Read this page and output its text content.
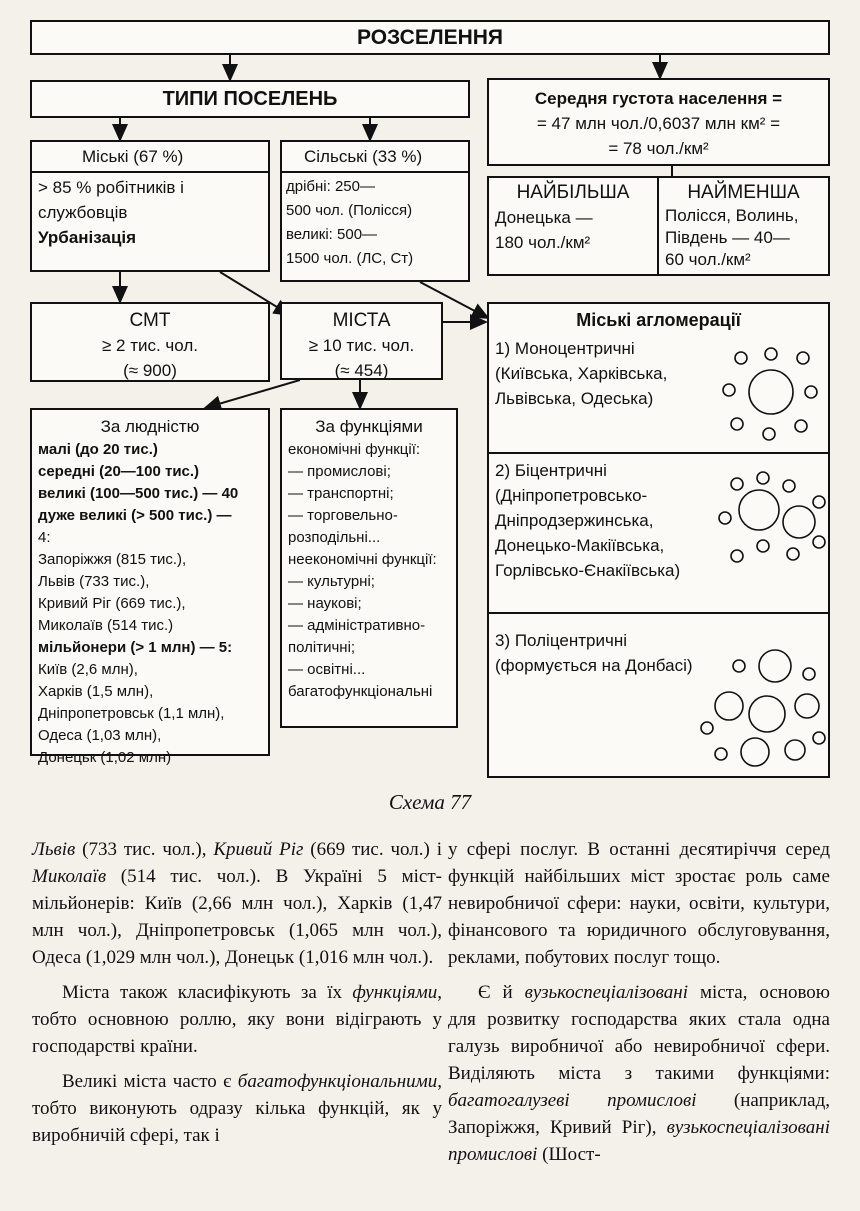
РОЗСЕЛЕННЯ
ТИПИ ПОСЕЛЕНЬ
Міські (67 %)
> 85 % робітників і
службовців
Урбанізація
Сільські (33 %)
дрібні: 250—
500 чол. (Полісся)
великі: 500—
1500 чол. (ЛС, Ст)
Середня густота населення =
= 47 млн чол./0,6037 млн км² =
= 78 чол./км²
НАЙБІЛЬША
Донецька —
180 чол./км²
НАЙМЕНША
Полісся, Волинь,
Південь — 40—
60 чол./км²
СМТ
≥ 2 тис. чол.
(≈ 900)
МІСТА
≥ 10 тис. чол.
(≈ 454)
Міські агломерації
1) Моноцентричні
(Київська, Харківська,
Львівська, Одеська)
2) Біцентричні
(Дніпропетровсько-
Дніпродзержинська,
Донецько-Макіївська,
Горлівсько-Єнакіївська)
3) Поліцентричні
(формується на Донбасі)
За людністю
малі (до 20 тис.)
середні (20—100 тис.)
великі (100—500 тис.) — 40
дуже великі (> 500 тис.) —
4:
Запоріжжя (815 тис.),
Львів (733 тис.),
Кривий Ріг (669 тис.),
Миколаїв (514 тис.)
мільйонери (> 1 млн) — 5:
Київ (2,6 млн),
Харків (1,5 млн),
Дніпропетровськ (1,1 млн),
Одеса (1,03 млн),
Донецьк (1,02 млн)
За функціями
економічні функції:
— промислові;
— транспортні;
— торговельно-
розподільні...
неекономічні функції:
— культурні;
— наукові;
— адміністративно-
політичні;
— освітні...
багатофункціональні
Схема 77

Львів (733 тис. чол.), Кривий Ріг (669 тис. чол.) і Миколаїв (514 тис. чол.). В Україні 5 міст-мільйонерів: Київ (2,66 млн чол.), Харків (1,47 млн чол.), Дніпропетровськ (1,065 млн чол.), Одеса (1,029 млн чол.), Донецьк (1,016 млн чол.).

Міста також класифікують за їх функціями, тобто основною роллю, яку вони відіграють у господарстві країни.

Великі міста часто є багатофункціональними, тобто виконують одразу кілька функцій, як у виробничій сфері, так і

у сфері послуг. В останні десятиріччя серед функцій найбільших міст зростає роль саме невиробничої сфери: науки, освіти, культури, фінансового та юридичного обслуговування, реклами, побутових послуг тощо.

Є й вузькоспеціалізовані міста, основою для розвитку господарства яких стала одна галузь виробничої або невиробничої сфери. Виділяють міста з такими функціями: багатогалузеві промислові (наприклад, Запоріжжя, Кривий Ріг), вузькоспеціалізовані промислові (Шост-
